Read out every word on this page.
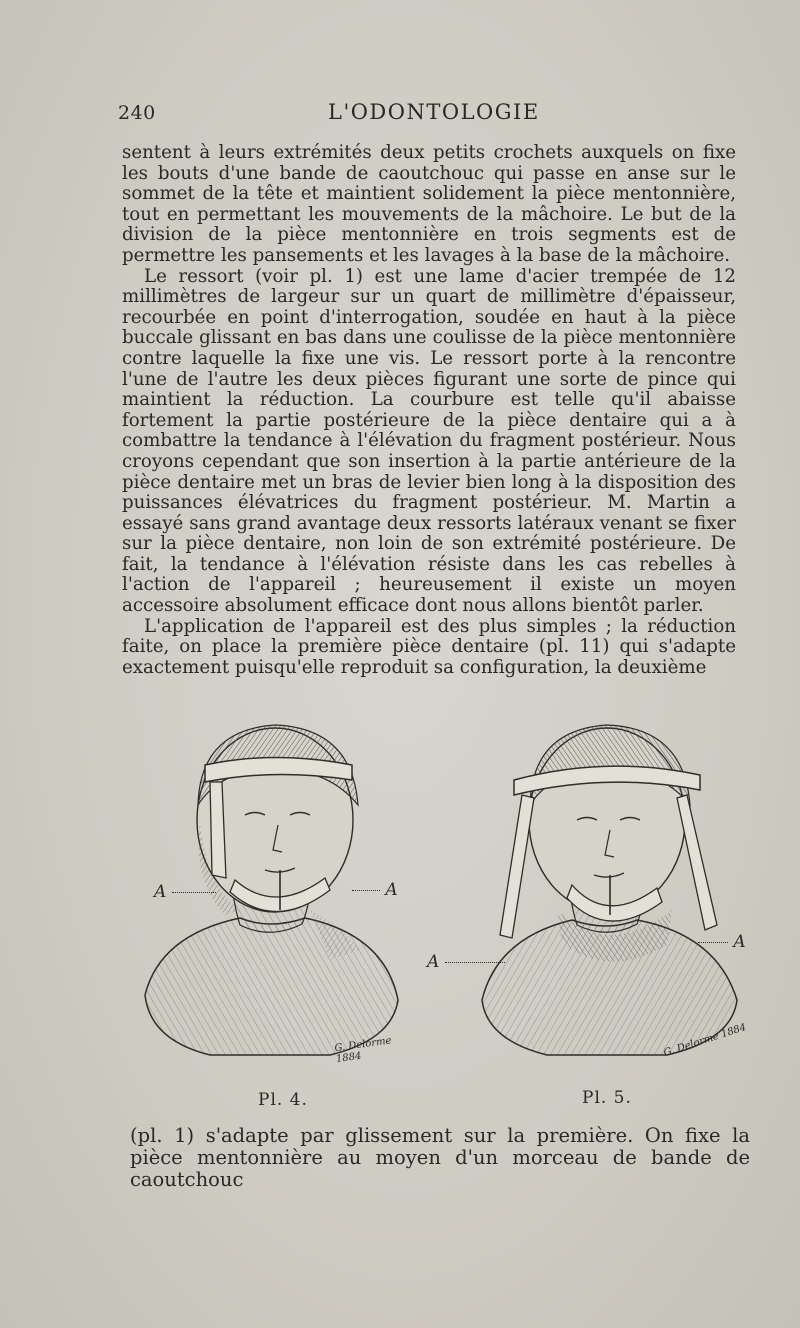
240	L'ODONTOLOGIE

sentent à leurs extrémités deux petits crochets auxquels on fixe les bouts d'une bande de caoutchouc qui passe en anse sur le sommet de la tête et maintient solidement la pièce mentonnière, tout en permettant les mouvements de la mâchoire. Le but de la division de la pièce mentonnière en trois segments est de permettre les pansements et les lavages à la base de la mâchoire.

Le ressort (voir pl. 1) est une lame d'acier trempée de 12 millimètres de largeur sur un quart de millimètre d'épaisseur, recourbée en point d'interrogation, soudée en haut à la pièce buccale glissant en bas dans une coulisse de la pièce mentonnière contre laquelle la fixe une vis. Le ressort porte à la rencontre l'une de l'autre les deux pièces figurant une sorte de pince qui maintient la réduction. La courbure est telle qu'il abaisse fortement la partie postérieure de la pièce dentaire qui a à combattre la tendance à l'élévation du fragment postérieur. Nous croyons cependant que son insertion à la partie antérieure de la pièce dentaire met un bras de levier bien long à la disposition des puissances élévatrices du fragment postérieur. M. Martin a essayé sans grand avantage deux ressorts latéraux venant se fixer sur la pièce dentaire, non loin de son extrémité postérieure. De fait, la tendance à l'élévation résiste dans les cas rebelles à l'action de l'appareil ; heureusement il existe un moyen accessoire absolument efficace dont nous allons bientôt parler.

L'application de l'appareil est des plus simples ; la réduction faite, on place la première pièce dentaire (pl. 11) qui s'adapte exactement puisqu'elle reproduit sa configuration, la deuxième

A	A
G. Delorme 1884
A
A
G. Delorme 1884
Pl. 4.	Pl. 5.
(pl. 1) s'adapte par glissement sur la première. On fixe la pièce mentonnière au moyen d'un morceau de bande de caoutchouc
